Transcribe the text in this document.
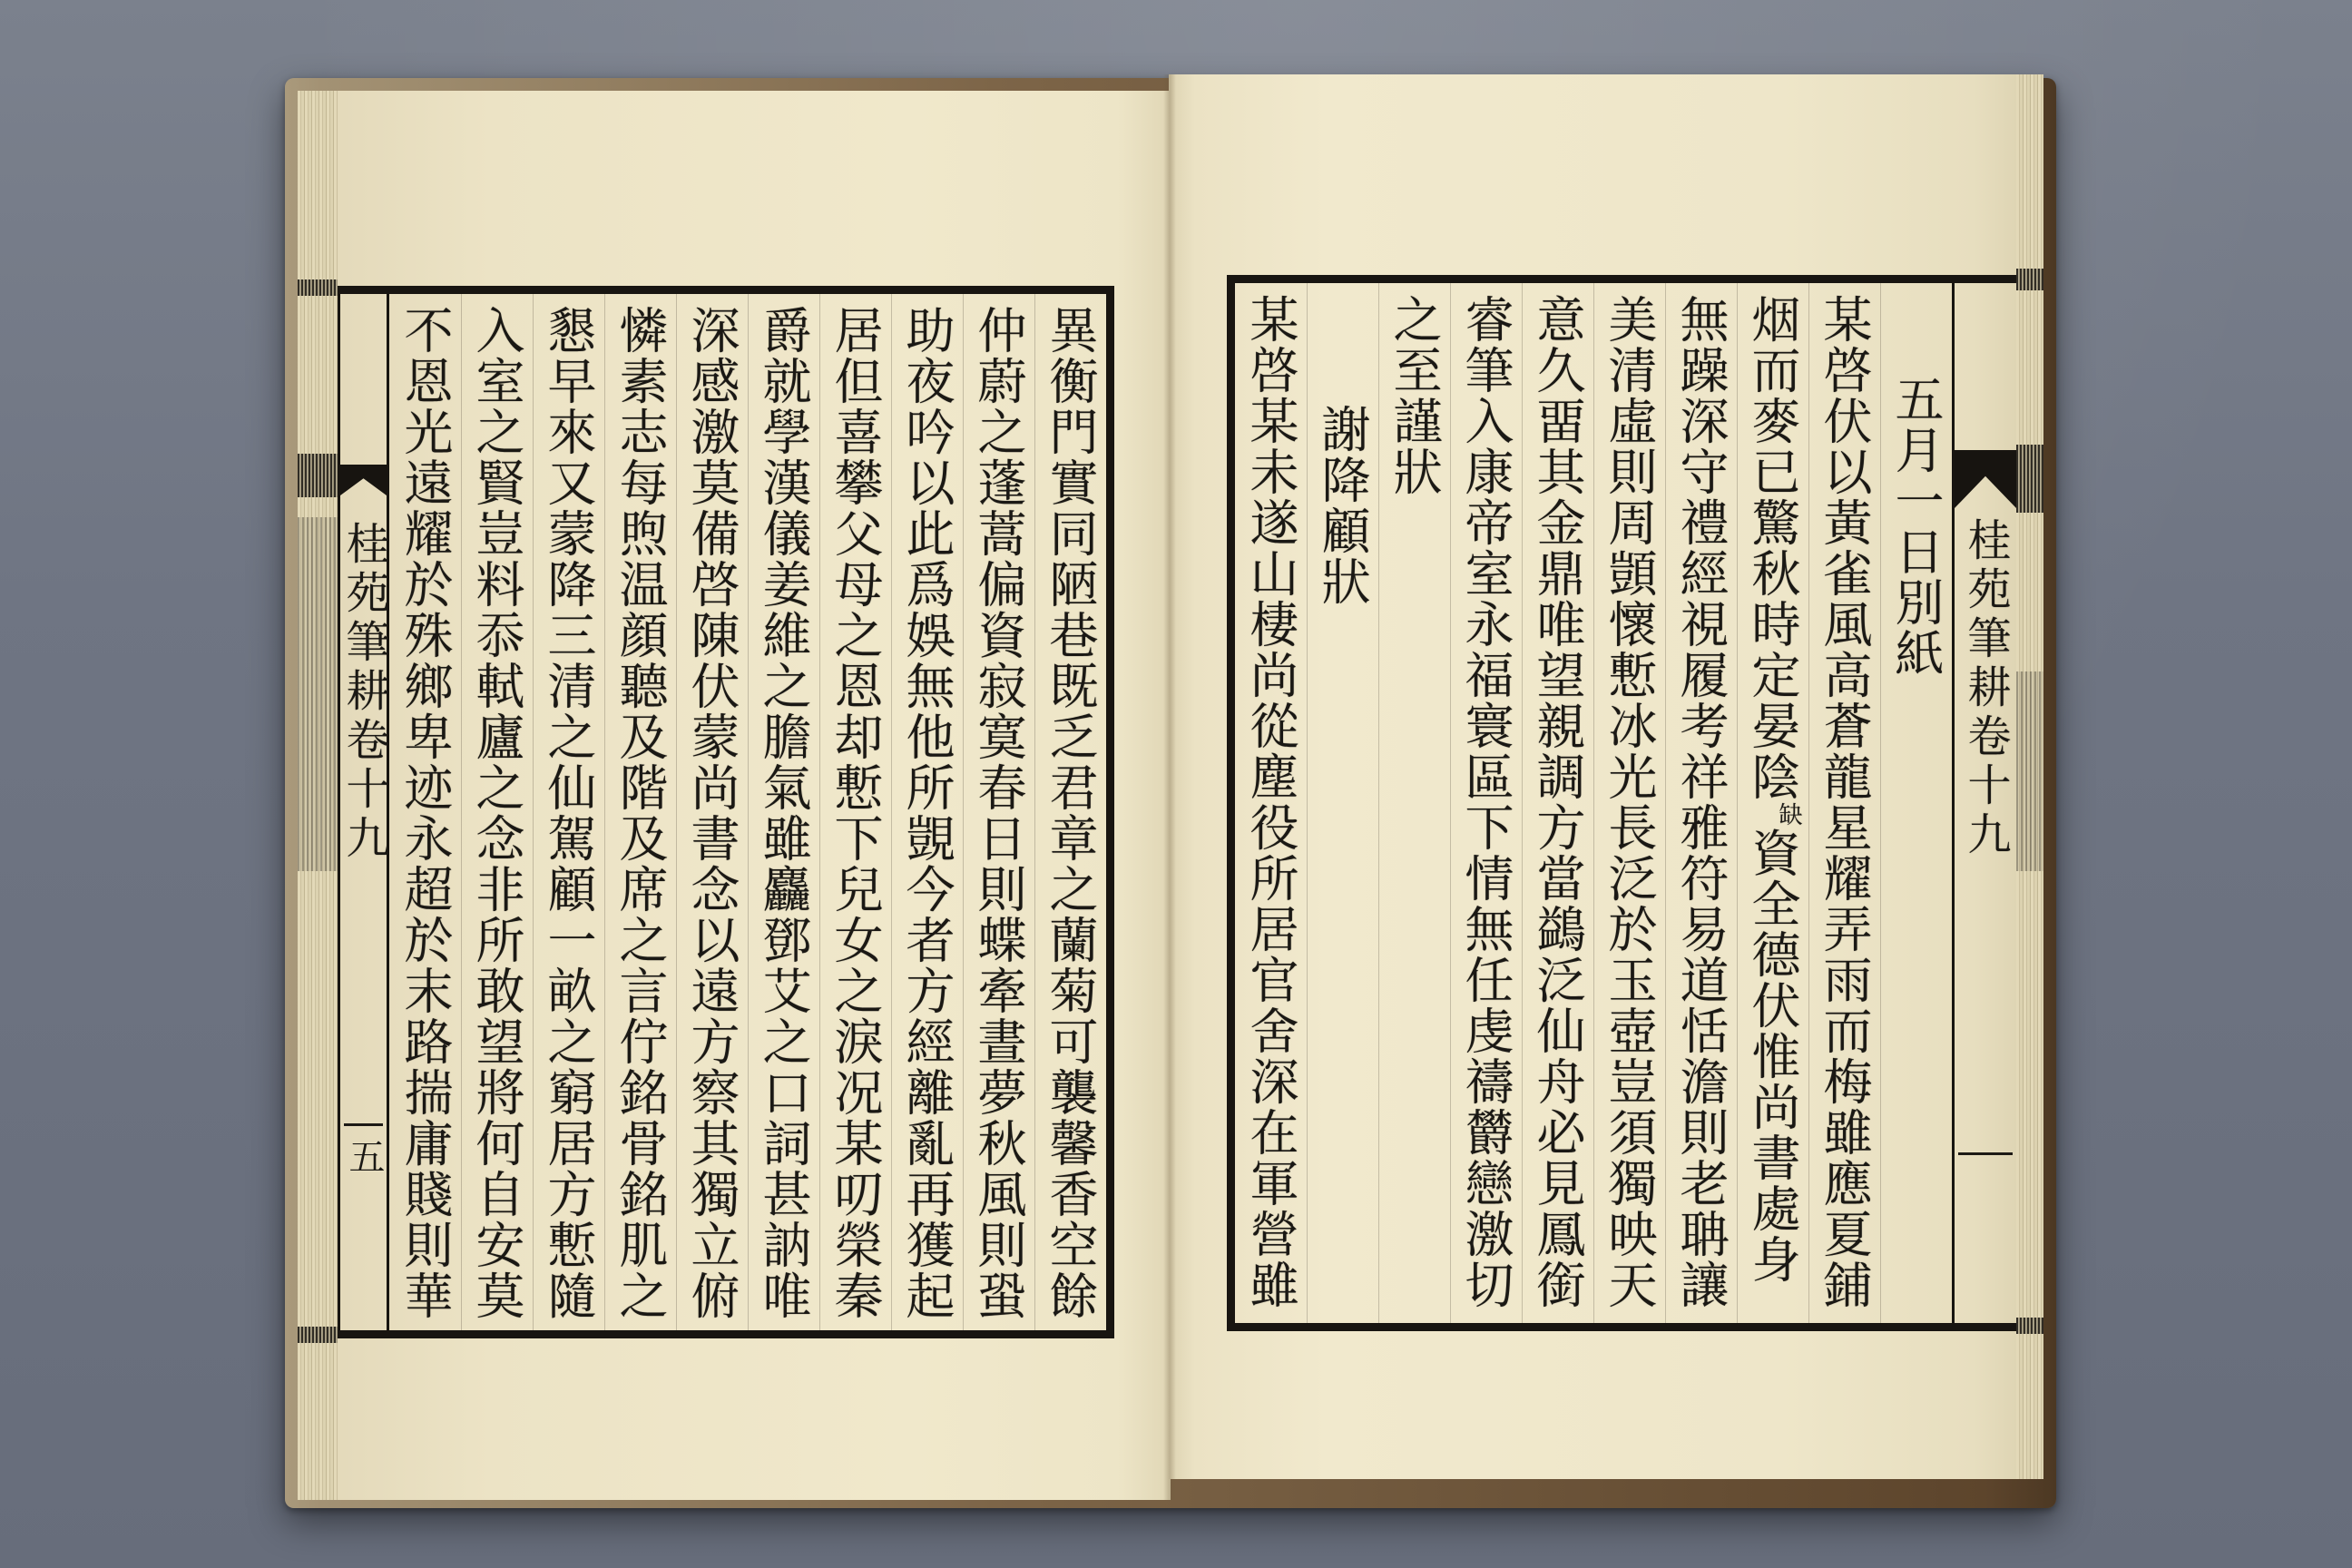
桂苑筆耕卷十九
五	異衡門實同陋巷既乏君章之蘭菊可襲馨香空餘
仲蔚之蓬蒿偏資寂寞春日則蝶牽晝夢秋風則蛩
助夜吟以此爲娛無他所覬今者方經離亂再獲起
居但喜攀父母之恩却慙下兒女之淚况某叨榮秦
爵就學漢儀姜維之膽氣雖麤鄧艾之口詞甚訥唯
深感激莫備啓陳伏蒙尚書念以遠方察其獨立俯
憐素志每煦温顔聽及階及席之言佇銘骨銘肌之
懇早來又蒙降三清之仙駕顧一畝之窮居方慙隨
入室之賢豈料忝軾廬之念非所敢望將何自安莫
不恩光遠耀於殊鄉卑迹永超於末路揣庸賤則華	五月一日別紙
某啓伏以黃雀風高蒼龍星耀弄雨而梅雖應夏鋪
烟而麥已驚秋時定晏陰缺資全德伏惟尚書處身
無躁深守禮經視履考祥雅符易道恬澹則老聃讓
美清虛則周顗懷慙冰光長泛於玉壺豈須獨映天
意久畱其金鼎唯望親調方當鷁泛仙舟必見鳳銜
睿筆入康帝室永福寰區下情無任虔禱欝戀激切
之至謹狀
謝降顧狀
某啓某未遂山棲尚從塵役所居官舍深在軍營雖	桂苑筆耕卷十九
